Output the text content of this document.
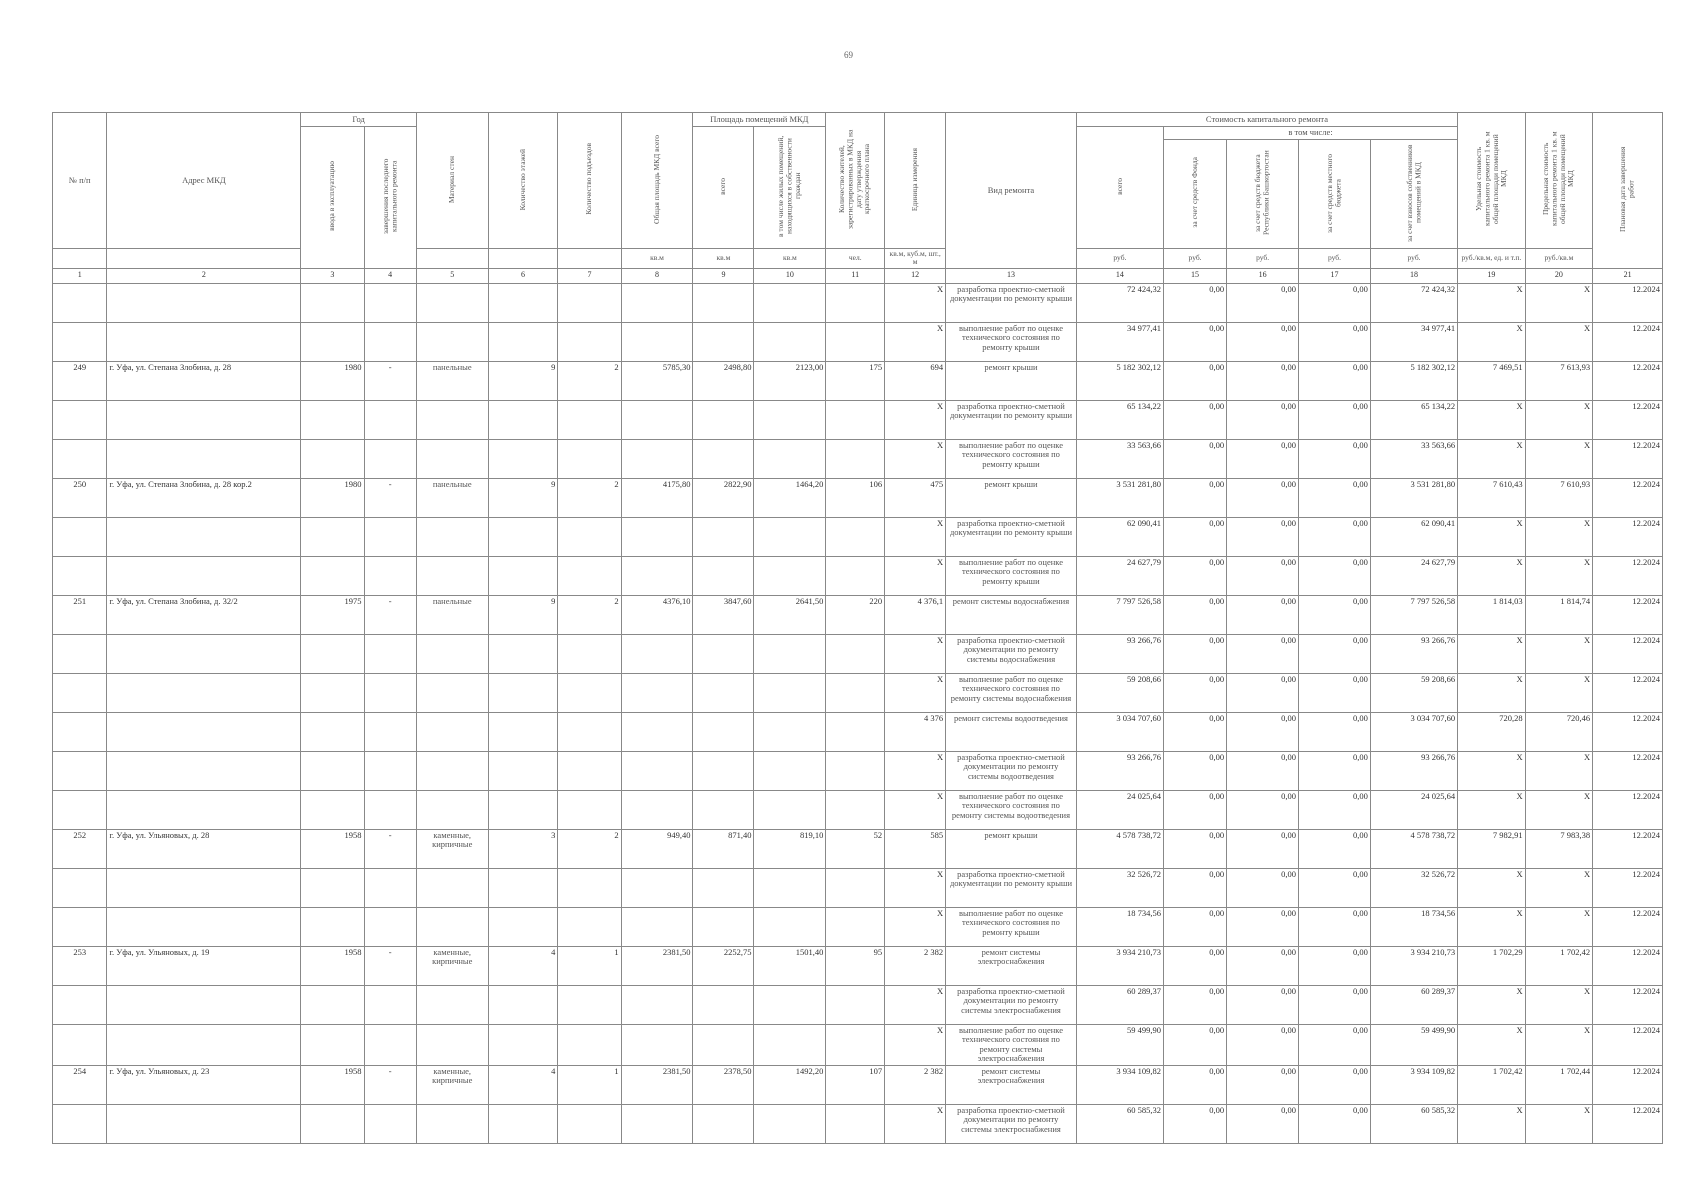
69
№ п/п	Адрес МКД	Год		Материал стен	Количество этажей	Количество подъездов	Общая площадь МКД всего	Площадь помещений МКД		Количество жителей, зарегистрированных в МКД на дату утверждения краткосрочного плана	Единица измерения	Вид ремонта	Стоимость капитального ремонта					Удельная стоимость капитального ремонта 1 кв. м общей площади помещений МКД	Предельная стоимость капитального ремонта 1 кв. м общей площади помещений МКД	Плановая дата завершения работ
		ввода в эксплуатацию	завершения последнего капитального ремонта					всего	в том числе жилых помещений, находящихся в собственности граждан				всего	в том числе:						
														за счет средств Фонда	за счет средств бюджета Республики Башкортостан	за счет средств местного бюджета	за счет взносов собственников помещений в МКД			
							кв.м	кв.м	кв.м	чел.	кв.м, куб.м, шт., м		руб.	руб.	руб.	руб.	руб.	руб./кв.м, ед. и т.п.	руб./кв.м	
1	2	3	4	5	6	7	8	9	10	11	12	13	14	15	16	17	18	19	20	21
											X	разработка проектно-сметной документации по ремонту крыши	72 424,32	0,00	0,00	0,00	72 424,32	X	X	12.2024
											X	выполнение работ по оценке технического состояния по ремонту крыши	34 977,41	0,00	0,00	0,00	34 977,41	X	X	12.2024
249	г. Уфа, ул. Степана Злобина, д. 28	1980	-	панельные	9	2	5785,30	2498,80	2123,00	175	694	ремонт крыши	5 182 302,12	0,00	0,00	0,00	5 182 302,12	7 469,51	7 613,93	12.2024
											X	разработка проектно-сметной документации по ремонту крыши	65 134,22	0,00	0,00	0,00	65 134,22	X	X	12.2024
											X	выполнение работ по оценке технического состояния по ремонту крыши	33 563,66	0,00	0,00	0,00	33 563,66	X	X	12.2024
250	г. Уфа, ул. Степана Злобина, д. 28 кор.2	1980	-	панельные	9	2	4175,80	2822,90	1464,20	106	475	ремонт крыши	3 531 281,80	0,00	0,00	0,00	3 531 281,80	7 610,43	7 610,93	12.2024
											X	разработка проектно-сметной документации по ремонту крыши	62 090,41	0,00	0,00	0,00	62 090,41	X	X	12.2024
											X	выполнение работ по оценке технического состояния по ремонту крыши	24 627,79	0,00	0,00	0,00	24 627,79	X	X	12.2024
251	г. Уфа, ул. Степана Злобина, д. 32/2	1975	-	панельные	9	2	4376,10	3847,60	2641,50	220	4 376,1	ремонт системы водоснабжения	7 797 526,58	0,00	0,00	0,00	7 797 526,58	1 814,03	1 814,74	12.2024
											X	разработка проектно-сметной документации по ремонту системы водоснабжения	93 266,76	0,00	0,00	0,00	93 266,76	X	X	12.2024
											X	выполнение работ по оценке технического состояния по ремонту системы водоснабжения	59 208,66	0,00	0,00	0,00	59 208,66	X	X	12.2024
											4 376	ремонт системы водоотведения	3 034 707,60	0,00	0,00	0,00	3 034 707,60	720,28	720,46	12.2024
											X	разработка проектно-сметной документации по ремонту системы водоотведения	93 266,76	0,00	0,00	0,00	93 266,76	X	X	12.2024
											X	выполнение работ по оценке технического состояния по ремонту системы водоотведения	24 025,64	0,00	0,00	0,00	24 025,64	X	X	12.2024
252	г. Уфа, ул. Ульяновых, д. 28	1958	-	каменные, кирпичные	3	2	949,40	871,40	819,10	52	585	ремонт крыши	4 578 738,72	0,00	0,00	0,00	4 578 738,72	7 982,91	7 983,38	12.2024
											X	разработка проектно-сметной документации по ремонту крыши	32 526,72	0,00	0,00	0,00	32 526,72	X	X	12.2024
											X	выполнение работ по оценке технического состояния по ремонту крыши	18 734,56	0,00	0,00	0,00	18 734,56	X	X	12.2024
253	г. Уфа, ул. Ульяновых, д. 19	1958	-	каменные, кирпичные	4	1	2381,50	2252,75	1501,40	95	2 382	ремонт системы электроснабжения	3 934 210,73	0,00	0,00	0,00	3 934 210,73	1 702,29	1 702,42	12.2024
											X	разработка проектно-сметной документации по ремонту системы электроснабжения	60 289,37	0,00	0,00	0,00	60 289,37	X	X	12.2024
											X	выполнение работ по оценке технического состояния по ремонту системы электроснабжения	59 499,90	0,00	0,00	0,00	59 499,90	X	X	12.2024
254	г. Уфа, ул. Ульяновых, д. 23	1958	-	каменные, кирпичные	4	1	2381,50	2378,50	1492,20	107	2 382	ремонт системы электроснабжения	3 934 109,82	0,00	0,00	0,00	3 934 109,82	1 702,42	1 702,44	12.2024
											X	разработка проектно-сметной документации по ремонту системы электроснабжения	60 585,32	0,00	0,00	0,00	60 585,32	X	X	12.2024
